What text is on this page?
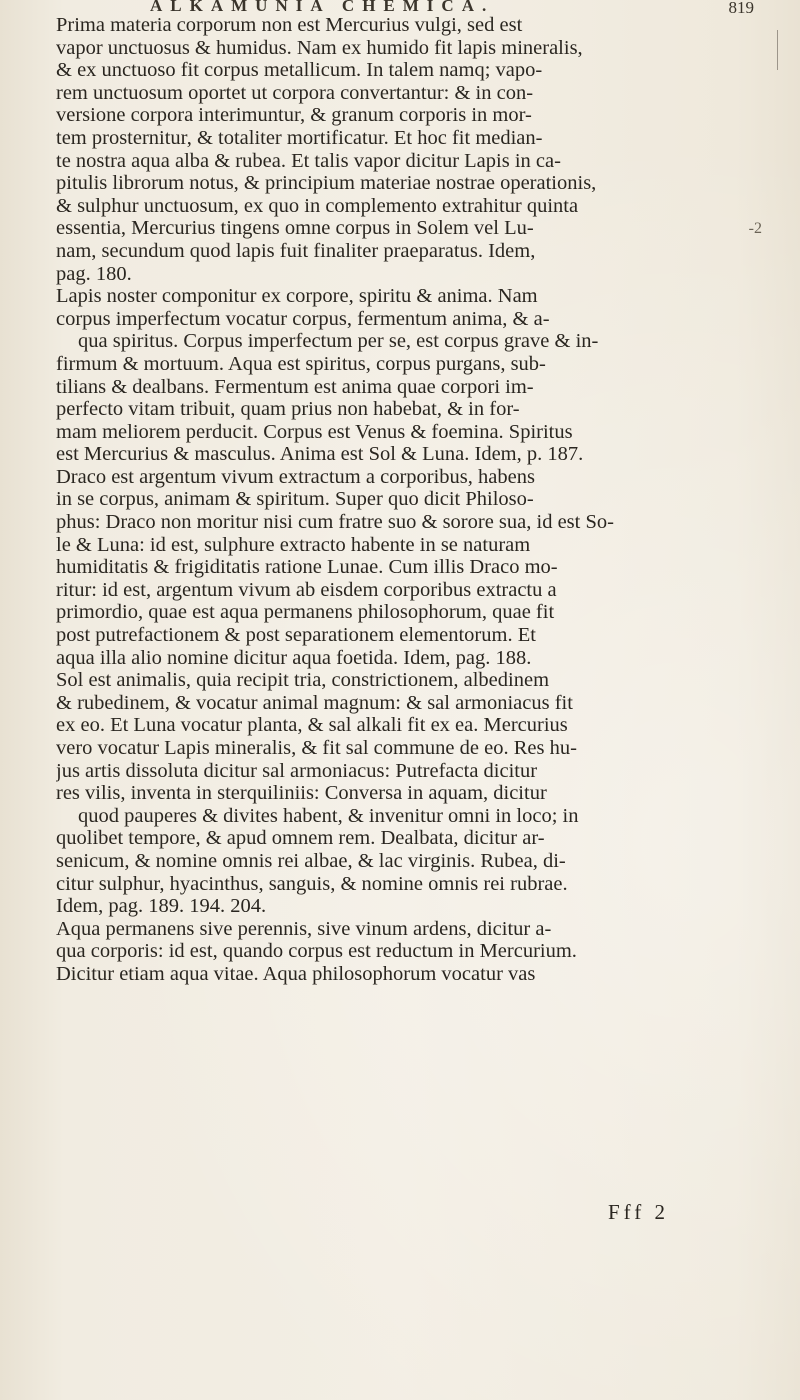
ALKAMUNIA CHEMICA.	819
-2
Prima materia corporum non est Mercurius vulgi, sed est
vapor unctuosus & humidus. Nam ex humido fit lapis mineralis,
& ex unctuoso fit corpus metallicum. In talem namq; vapo-
rem unctuosum oportet ut corpora convertantur: & in con-
versione corpora interimuntur, & granum corporis in mor-
tem prosternitur, & totaliter mortificatur. Et hoc fit median-
te nostra aqua alba & rubea. Et talis vapor dicitur Lapis in ca-
pitulis librorum notus, & principium materiae nostrae operationis,
& sulphur unctuosum, ex quo in complemento extrahitur quinta
essentia, Mercurius tingens omne corpus in Solem vel Lu-
nam, secundum quod lapis fuit finaliter praeparatus. Idem,
pag. 180.
Lapis noster componitur ex corpore, spiritu & anima. Nam
corpus imperfectum vocatur corpus, fermentum anima, & a-
qua spiritus. Corpus imperfectum per se, est corpus grave & in-
firmum & mortuum. Aqua est spiritus, corpus purgans, sub-
tilians & dealbans. Fermentum est anima quae corpori im-
perfecto vitam tribuit, quam prius non habebat, & in for-
mam meliorem perducit. Corpus est Venus & foemina. Spiritus
est Mercurius & masculus. Anima est Sol & Luna. Idem, p. 187.
Draco est argentum vivum extractum a corporibus, habens
in se corpus, animam & spiritum. Super quo dicit Philoso-
phus: Draco non moritur nisi cum fratre suo & sorore sua, id est So-
le & Luna: id est, sulphure extracto habente in se naturam
humiditatis & frigiditatis ratione Lunae. Cum illis Draco mo-
ritur: id est, argentum vivum ab eisdem corporibus extractu a
primordio, quae est aqua permanens philosophorum, quae fit
post putrefactionem & post separationem elementorum. Et
aqua illa alio nomine dicitur aqua foetida. Idem, pag. 188.
Sol est animalis, quia recipit tria, constrictionem, albedinem
& rubedinem, & vocatur animal magnum: & sal armoniacus fit
ex eo. Et Luna vocatur planta, & sal alkali fit ex ea. Mercurius
vero vocatur Lapis mineralis, & fit sal commune de eo. Res hu-
jus artis dissoluta dicitur sal armoniacus: Putrefacta dicitur
res vilis, inventa in sterquiliniis: Conversa in aquam, dicitur
quod pauperes & divites habent, & invenitur omni in loco; in
quolibet tempore, & apud omnem rem. Dealbata, dicitur ar-
senicum, & nomine omnis rei albae, & lac virginis. Rubea, di-
citur sulphur, hyacinthus, sanguis, & nomine omnis rei rubrae.
Idem, pag. 189. 194. 204.
Aqua permanens sive perennis, sive vinum ardens, dicitur a-
qua corporis: id est, quando corpus est reductum in Mercurium.
Dicitur etiam aqua vitae. Aqua philosophorum vocatur vas
Fff 2
